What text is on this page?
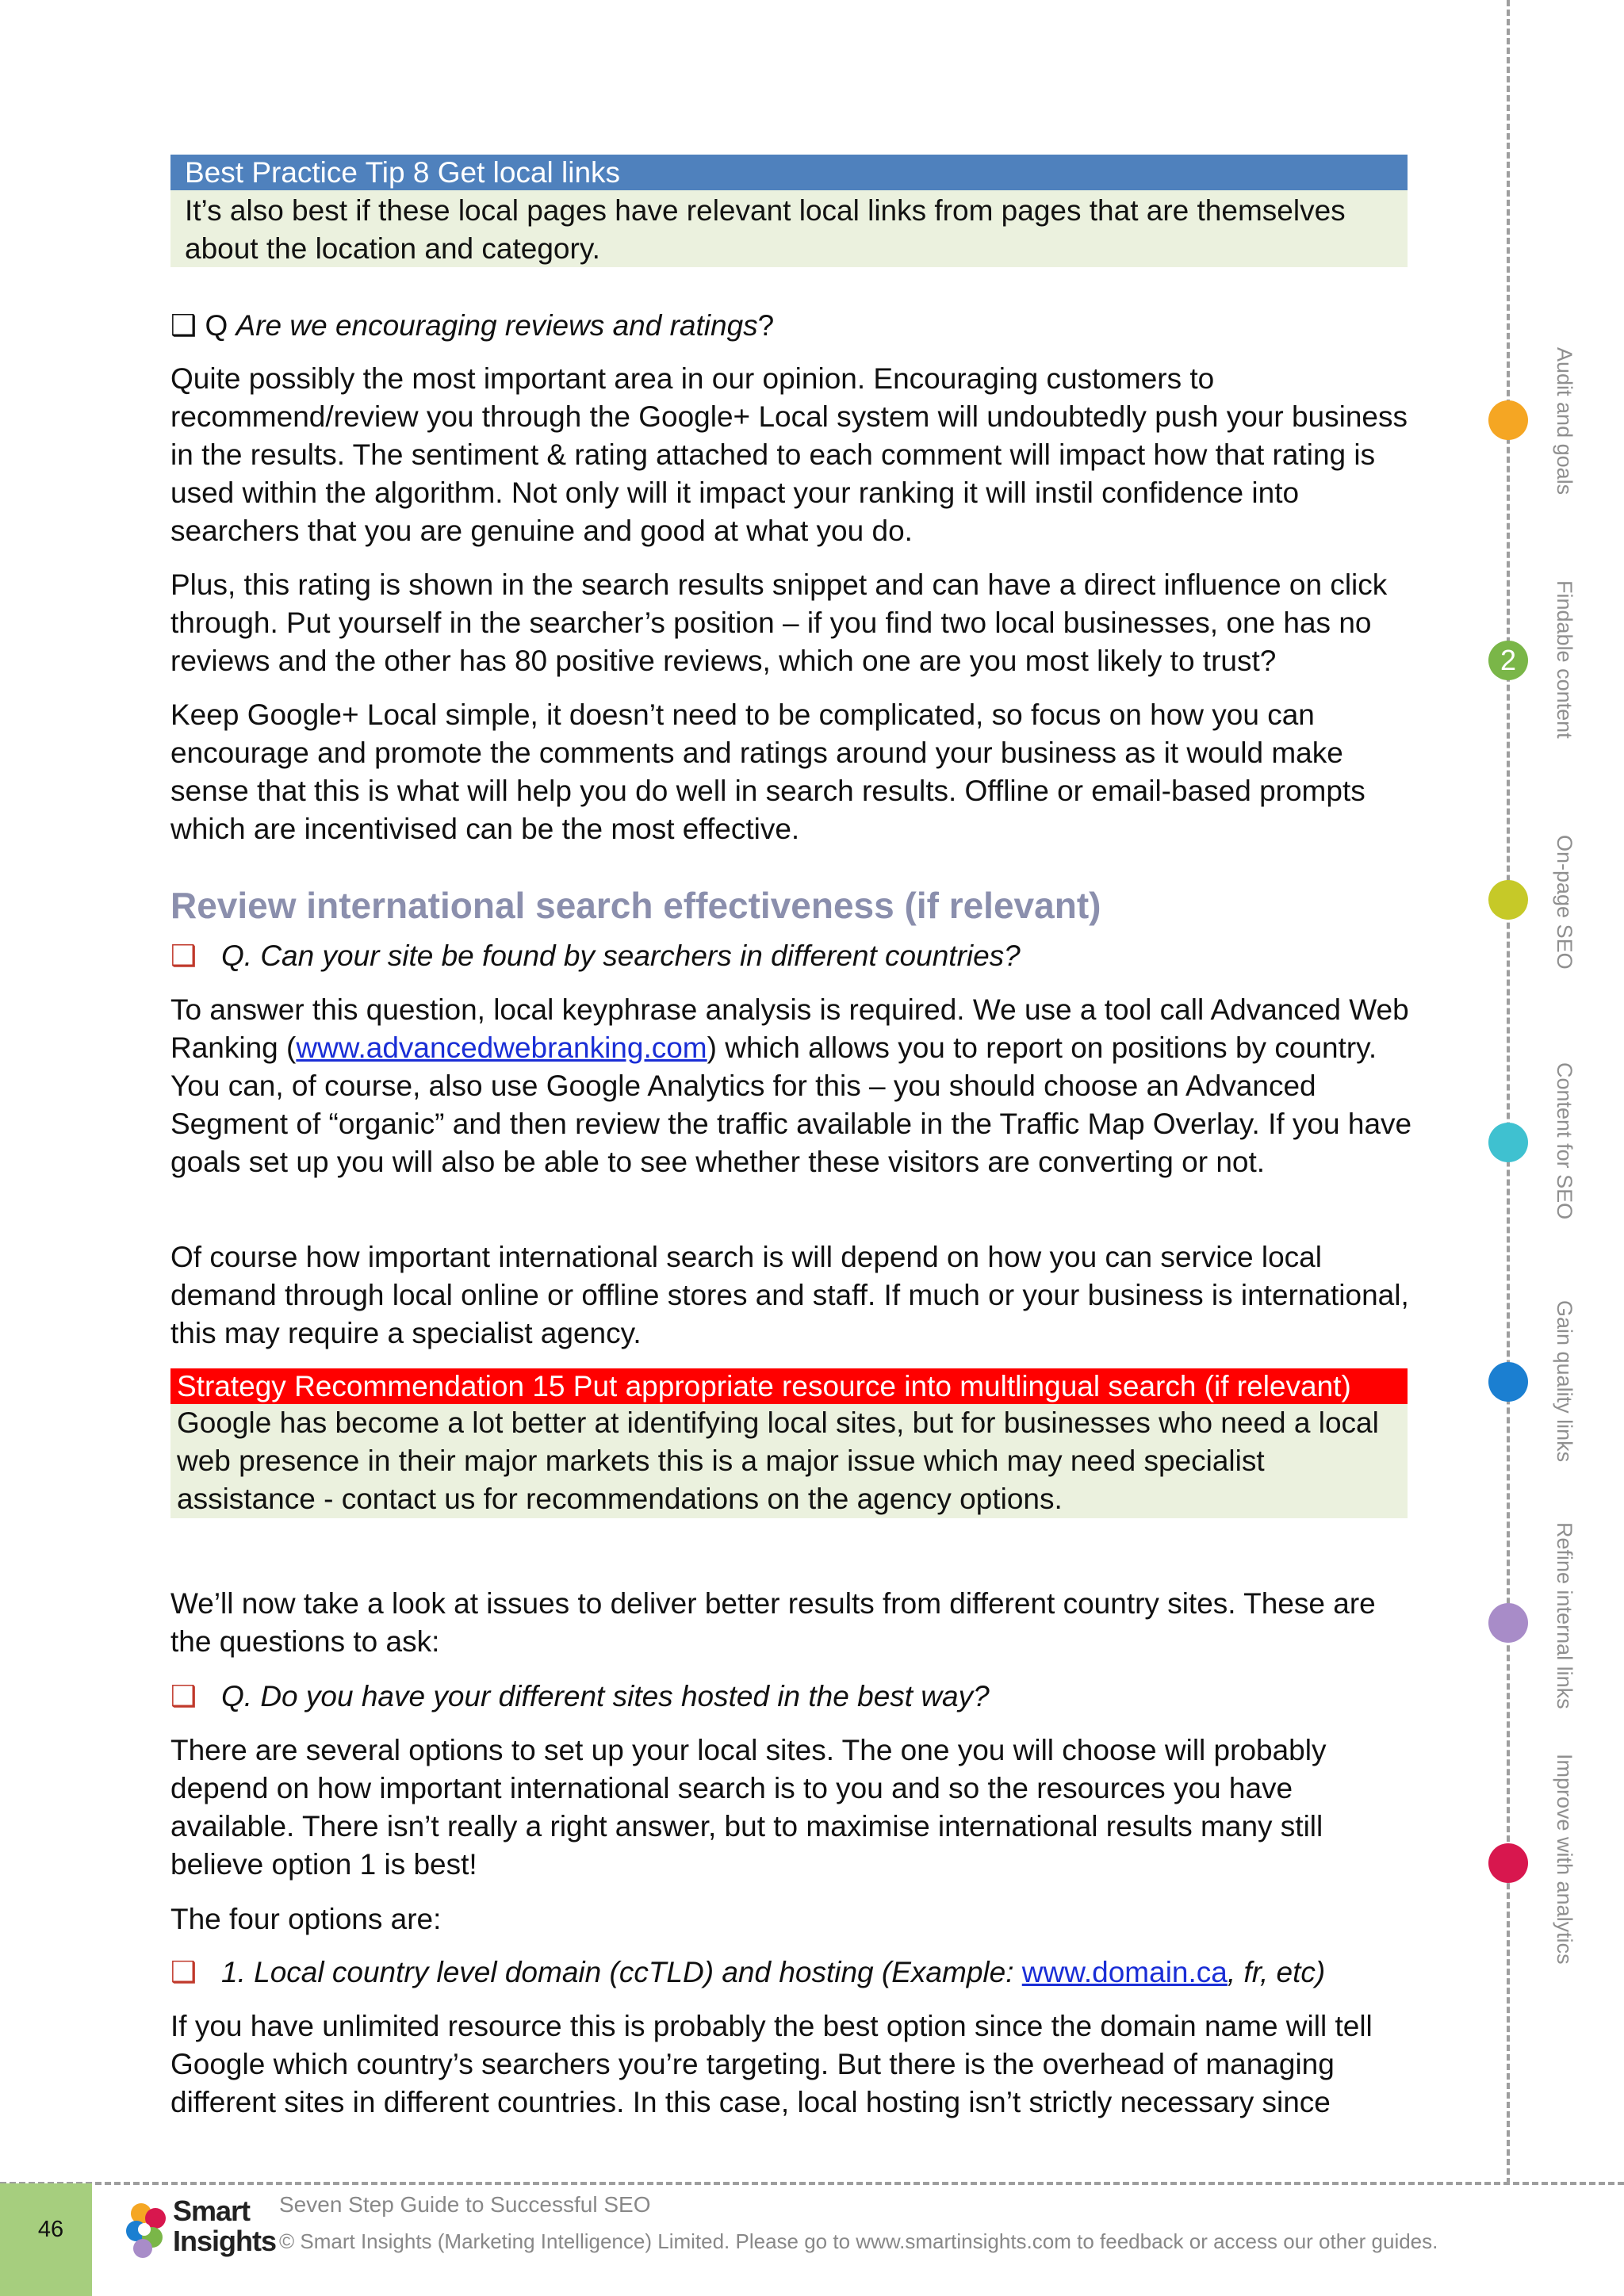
Best Practice Tip 8 Get local links
It’s also best if these local pages have relevant local links from pages that are themselves about the location and category.
❑ Q Are we encouraging reviews and ratings?

Quite possibly the most important area in our opinion. Encouraging customers to recommend/review you through the Google+ Local system will undoubtedly push your business in the results. The sentiment & rating attached to each comment will impact how that rating is used within the algorithm. Not only will it impact your ranking it will instil confidence into searchers that you are genuine and good at what you do.

Plus, this rating is shown in the search results snippet and can have a direct influence on click through. Put yourself in the searcher’s position – if you find two local businesses, one has no reviews and the other has 80 positive reviews, which one are you most likely to trust?

Keep Google+ Local simple, it doesn’t need to be complicated, so focus on how you can encourage and promote the comments and ratings around your business as it would make sense that this is what will help you do well in search results. Offline or email-based prompts which are incentivised can be the most effective.

Review international search effectiveness (if relevant)
❑ Q. Can your site be found by searchers in different countries?

To answer this question, local keyphrase analysis is required. We use a tool call Advanced Web Ranking (www.advancedwebranking.com) which allows you to report on positions by country. You can, of course, also use Google Analytics for this – you should choose an Advanced Segment of “organic” and then review the traffic available in the Traffic Map Overlay. If you have goals set up you will also be able to see whether these visitors are converting or not.

Of course how important international search is will depend on how you can service local demand through local online or offline stores and staff. If much or your business is international, this may require a specialist agency.

Strategy Recommendation 15 Put appropriate resource into multlingual search (if relevant)
Google has become a lot better at identifying local sites, but for businesses who need a local web presence in their major markets this is a major issue which may need specialist assistance - contact us for recommendations on the agency options.

We’ll now take a look at issues to deliver better results from different country sites. These are the questions to ask:

❑ Q. Do you have your different sites hosted in the best way?

There are several options to set up your local sites. The one you will choose will probably depend on how important international search is to you and so the resources you have available. There isn’t really a right answer, but to maximise international results many still believe option 1 is best!

The four options are:

❑ 1. Local country level domain (ccTLD) and hosting (Example: www.domain.ca, fr, etc)

If you have unlimited resource this is probably the best option since the domain name will tell Google which country’s searchers you’re targeting. But there is the overhead of managing different sites in different countries. In this case, local hosting isn’t strictly necessary since

Audit and goals
2	Findable content
On-page SEO
Content for SEO
Gain quality links
Refine internal links
Improve with analytics
46
Smart
Insights
Seven Step Guide to Successful SEO
© Smart Insights (Marketing Intelligence) Limited. Please go to www.smartinsights.com to feedback or access our other guides.
